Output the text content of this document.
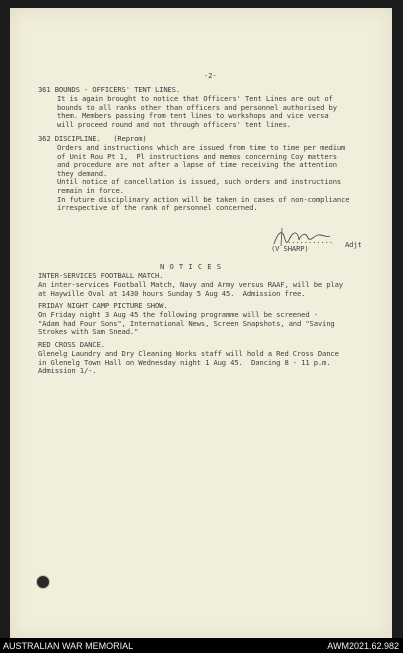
-2-
361 BOUNDS - OFFICERS' TENT LINES.
It is again brought to notice that Officers' Tent Lines are out of
bounds to all ranks other than officers and personnel authorised by
them. Members passing from tent lines to workshops and vice versa
will proceed round and not through officers' tent lines.
362 DISCIPLINE.   (Reprom)
Orders and instructions which are issued from time to time per medium
of Unit Rou Pt 1,  Pl instructions and memos concerning Coy matters
and procedure are not after a lapse of time receiving the attention
they demand.
Until notice of cancellation is issued, such orders and instructions
remain in force.
In future disciplinary action will be taken in cases of non-compliance
irrespective of the rank of personnel concerned.
........... Adjt
(V SHARP)
N O T I C E S
INTER-SERVICES FOOTBALL MATCH.
An inter-services Football Match, Navy and Army versus RAAF, will be play
at Haywille Oval at 1430 hours Sunday 5 Aug 45.  Admission free.
FRIDAY NIGHT CAMP PICTURE SHOW.
On Friday night 3 Aug 45 the following programme will be screened -
"Adam had Four Sons", International News, Screen Snapshots, and "Saving
Strokes with Sam Snead."
RED CROSS DANCE.
Glenelg Laundry and Dry Cleaning Works staff will hold a Red Cross Dance
in Glenelg Town Hall on Wednesday night 1 Aug 45.  Dancing 8 - 11 p.m.
Admission 1/-.
AUSTRALIAN WAR MEMORIAL	AWM2021.62.982
